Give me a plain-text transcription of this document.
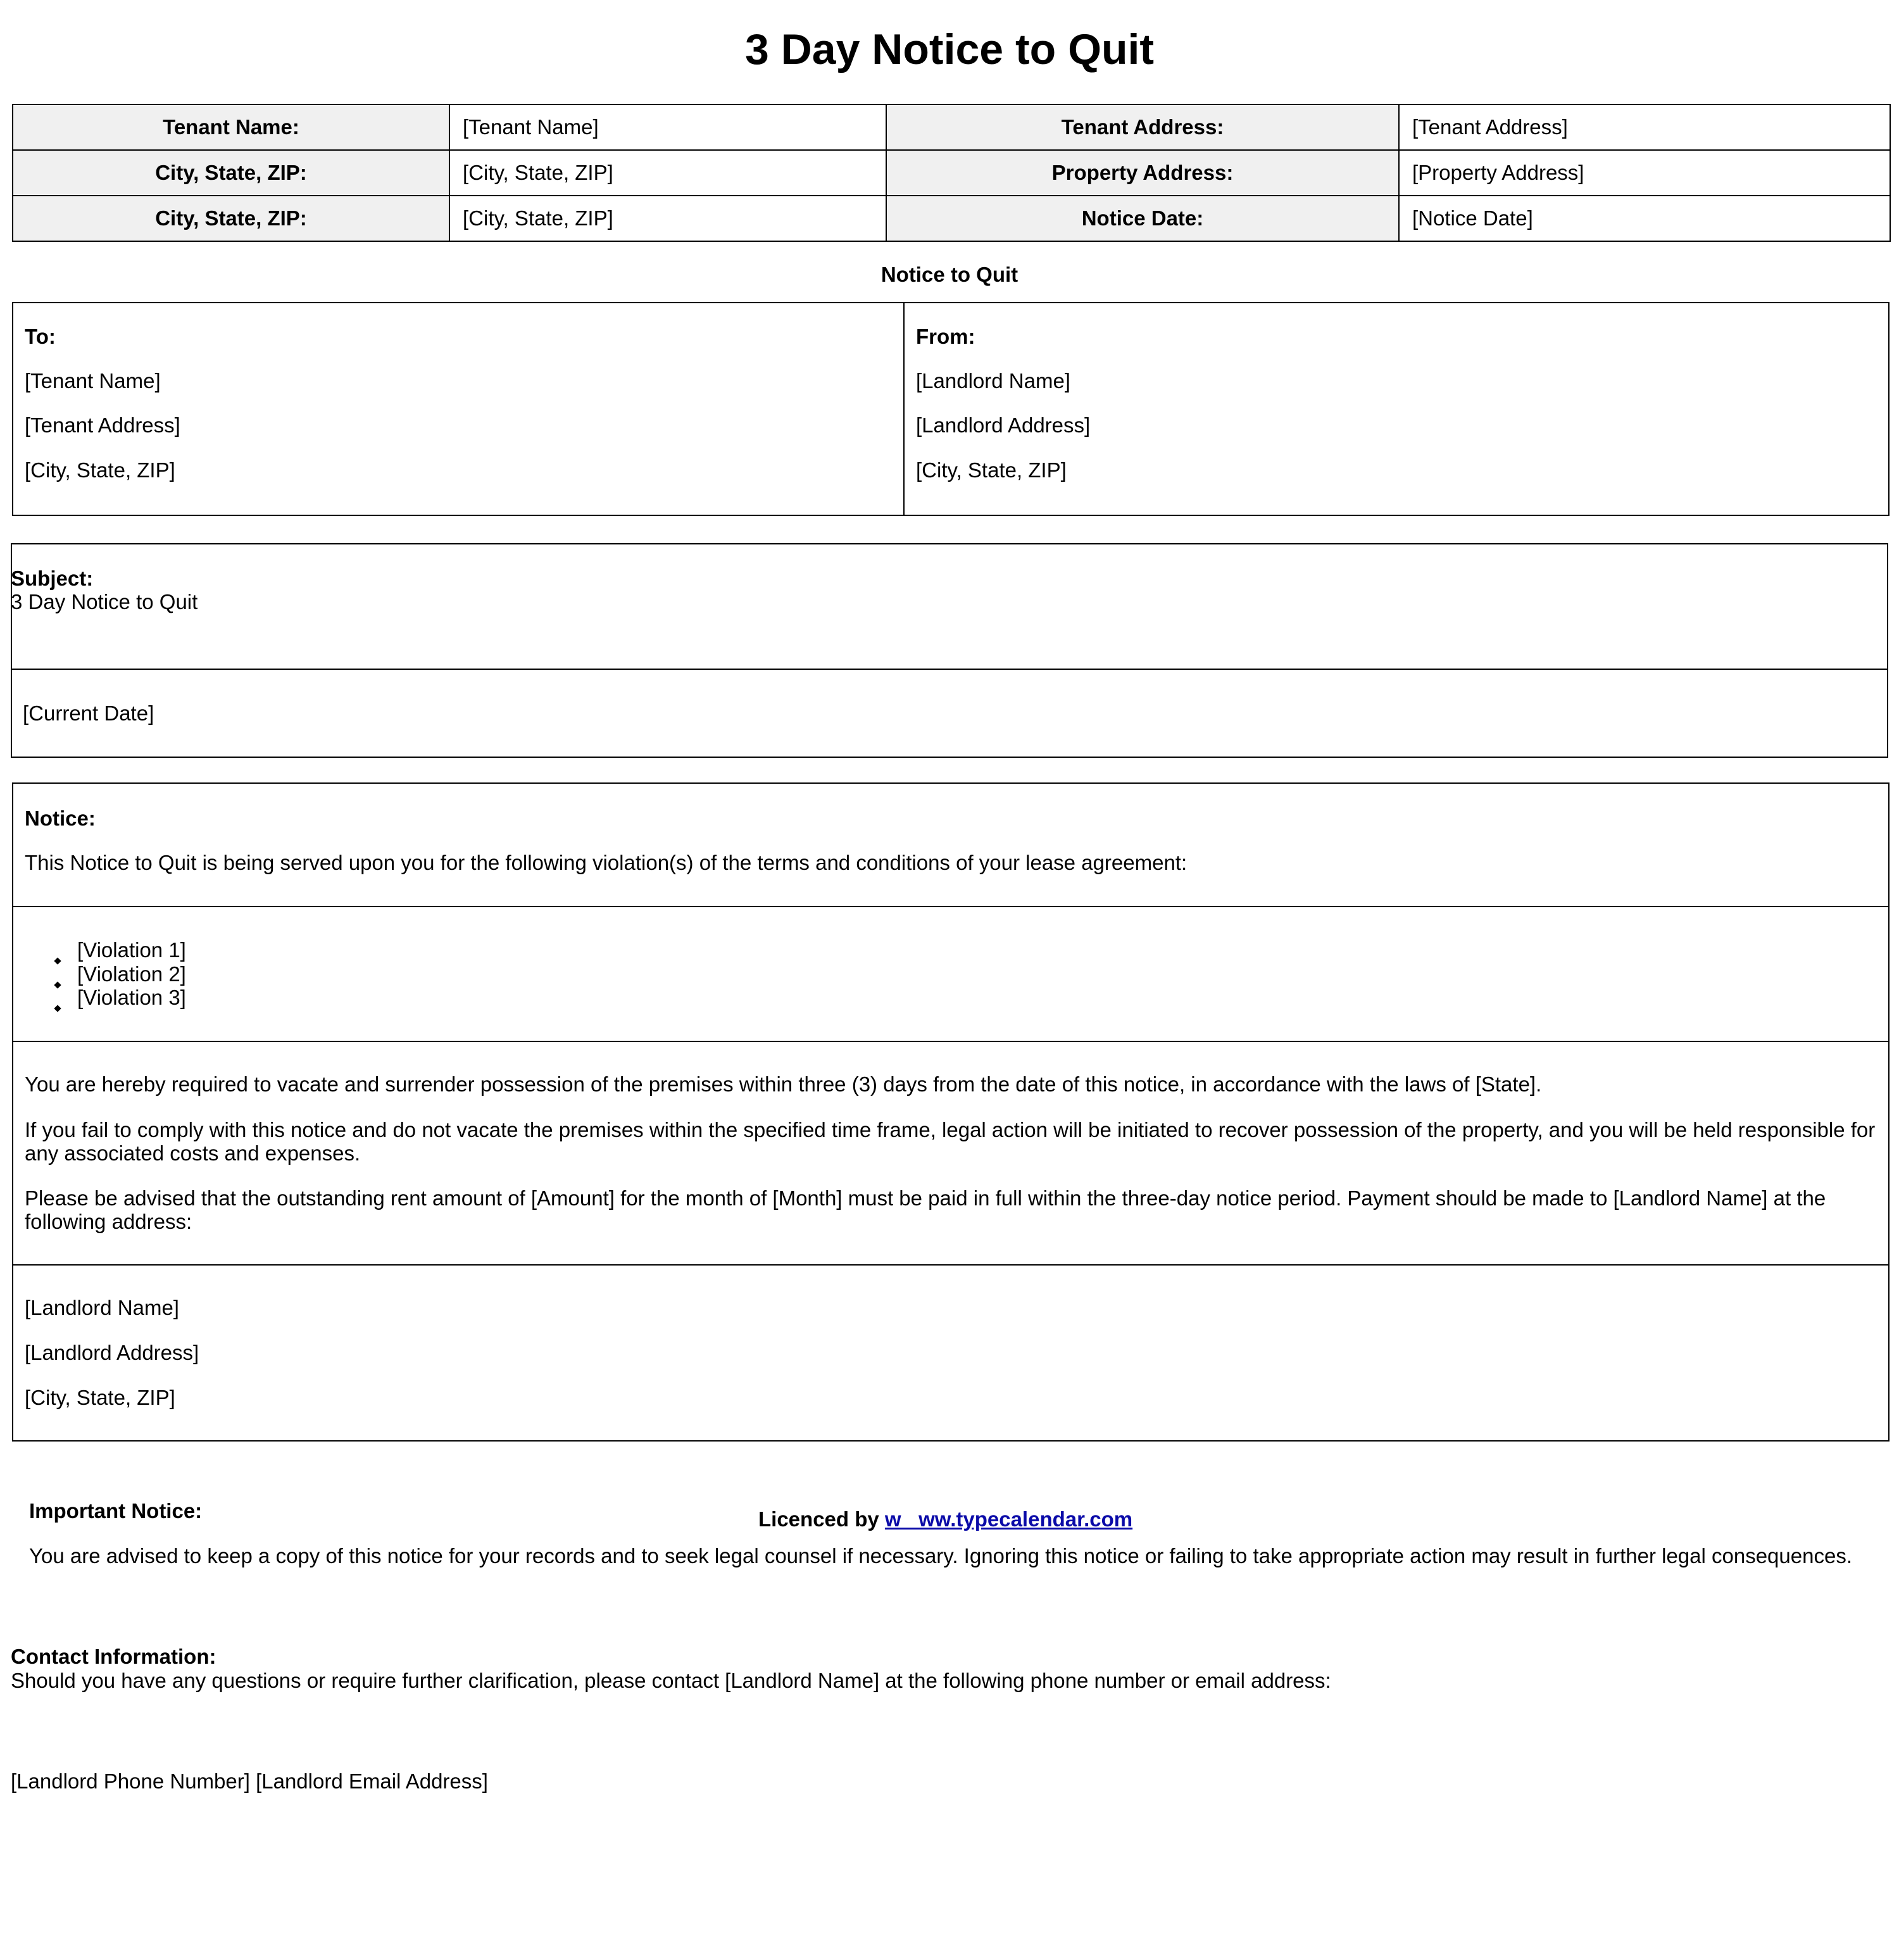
3 Day Notice to Quit
Tenant Name:	[Tenant Name]	Tenant Address:	[Tenant Address]
City, State, ZIP:	[City, State, ZIP]	Property Address:	[Property Address]
City, State, ZIP:	[City, State, ZIP]	Notice Date:	[Notice Date]
Notice to Quit
To:
[Tenant Name]
[Tenant Address]
[City, State, ZIP]
From:
[Landlord Name]
[Landlord Address]
[City, State, ZIP]
Subject:
3 Day Notice to Quit
[Current Date]
Notice:
This Notice to Quit is being served upon you for the following violation(s) of the terms and conditions of your lease agreement:
[Violation 1]
[Violation 2]
[Violation 3]
You are hereby required to vacate and surrender possession of the premises within three (3) days from the date of this notice, in accordance with the laws of [State].
If you fail to comply with this notice and do not vacate the premises within the specified time frame, legal action will be initiated to recover possession of the property, and you will be held responsible for any associated costs and expenses.
Please be advised that the outstanding rent amount of [Amount] for the month of [Month] must be paid in full within the three-day notice period. Payment should be made to [Landlord Name] at the following address:
[Landlord Name]
[Landlord Address]
[City, State, ZIP]
Important Notice:	Licenced by w   ww.typecalendar.com
You are advised to keep a copy of this notice for your records and to seek legal counsel if necessary. Ignoring this notice or failing to take appropriate action may result in further legal consequences.
Contact Information:
Should you have any questions or require further clarification, please contact [Landlord Name] at the following phone number or email address:
[Landlord Phone Number] [Landlord Email Address]
